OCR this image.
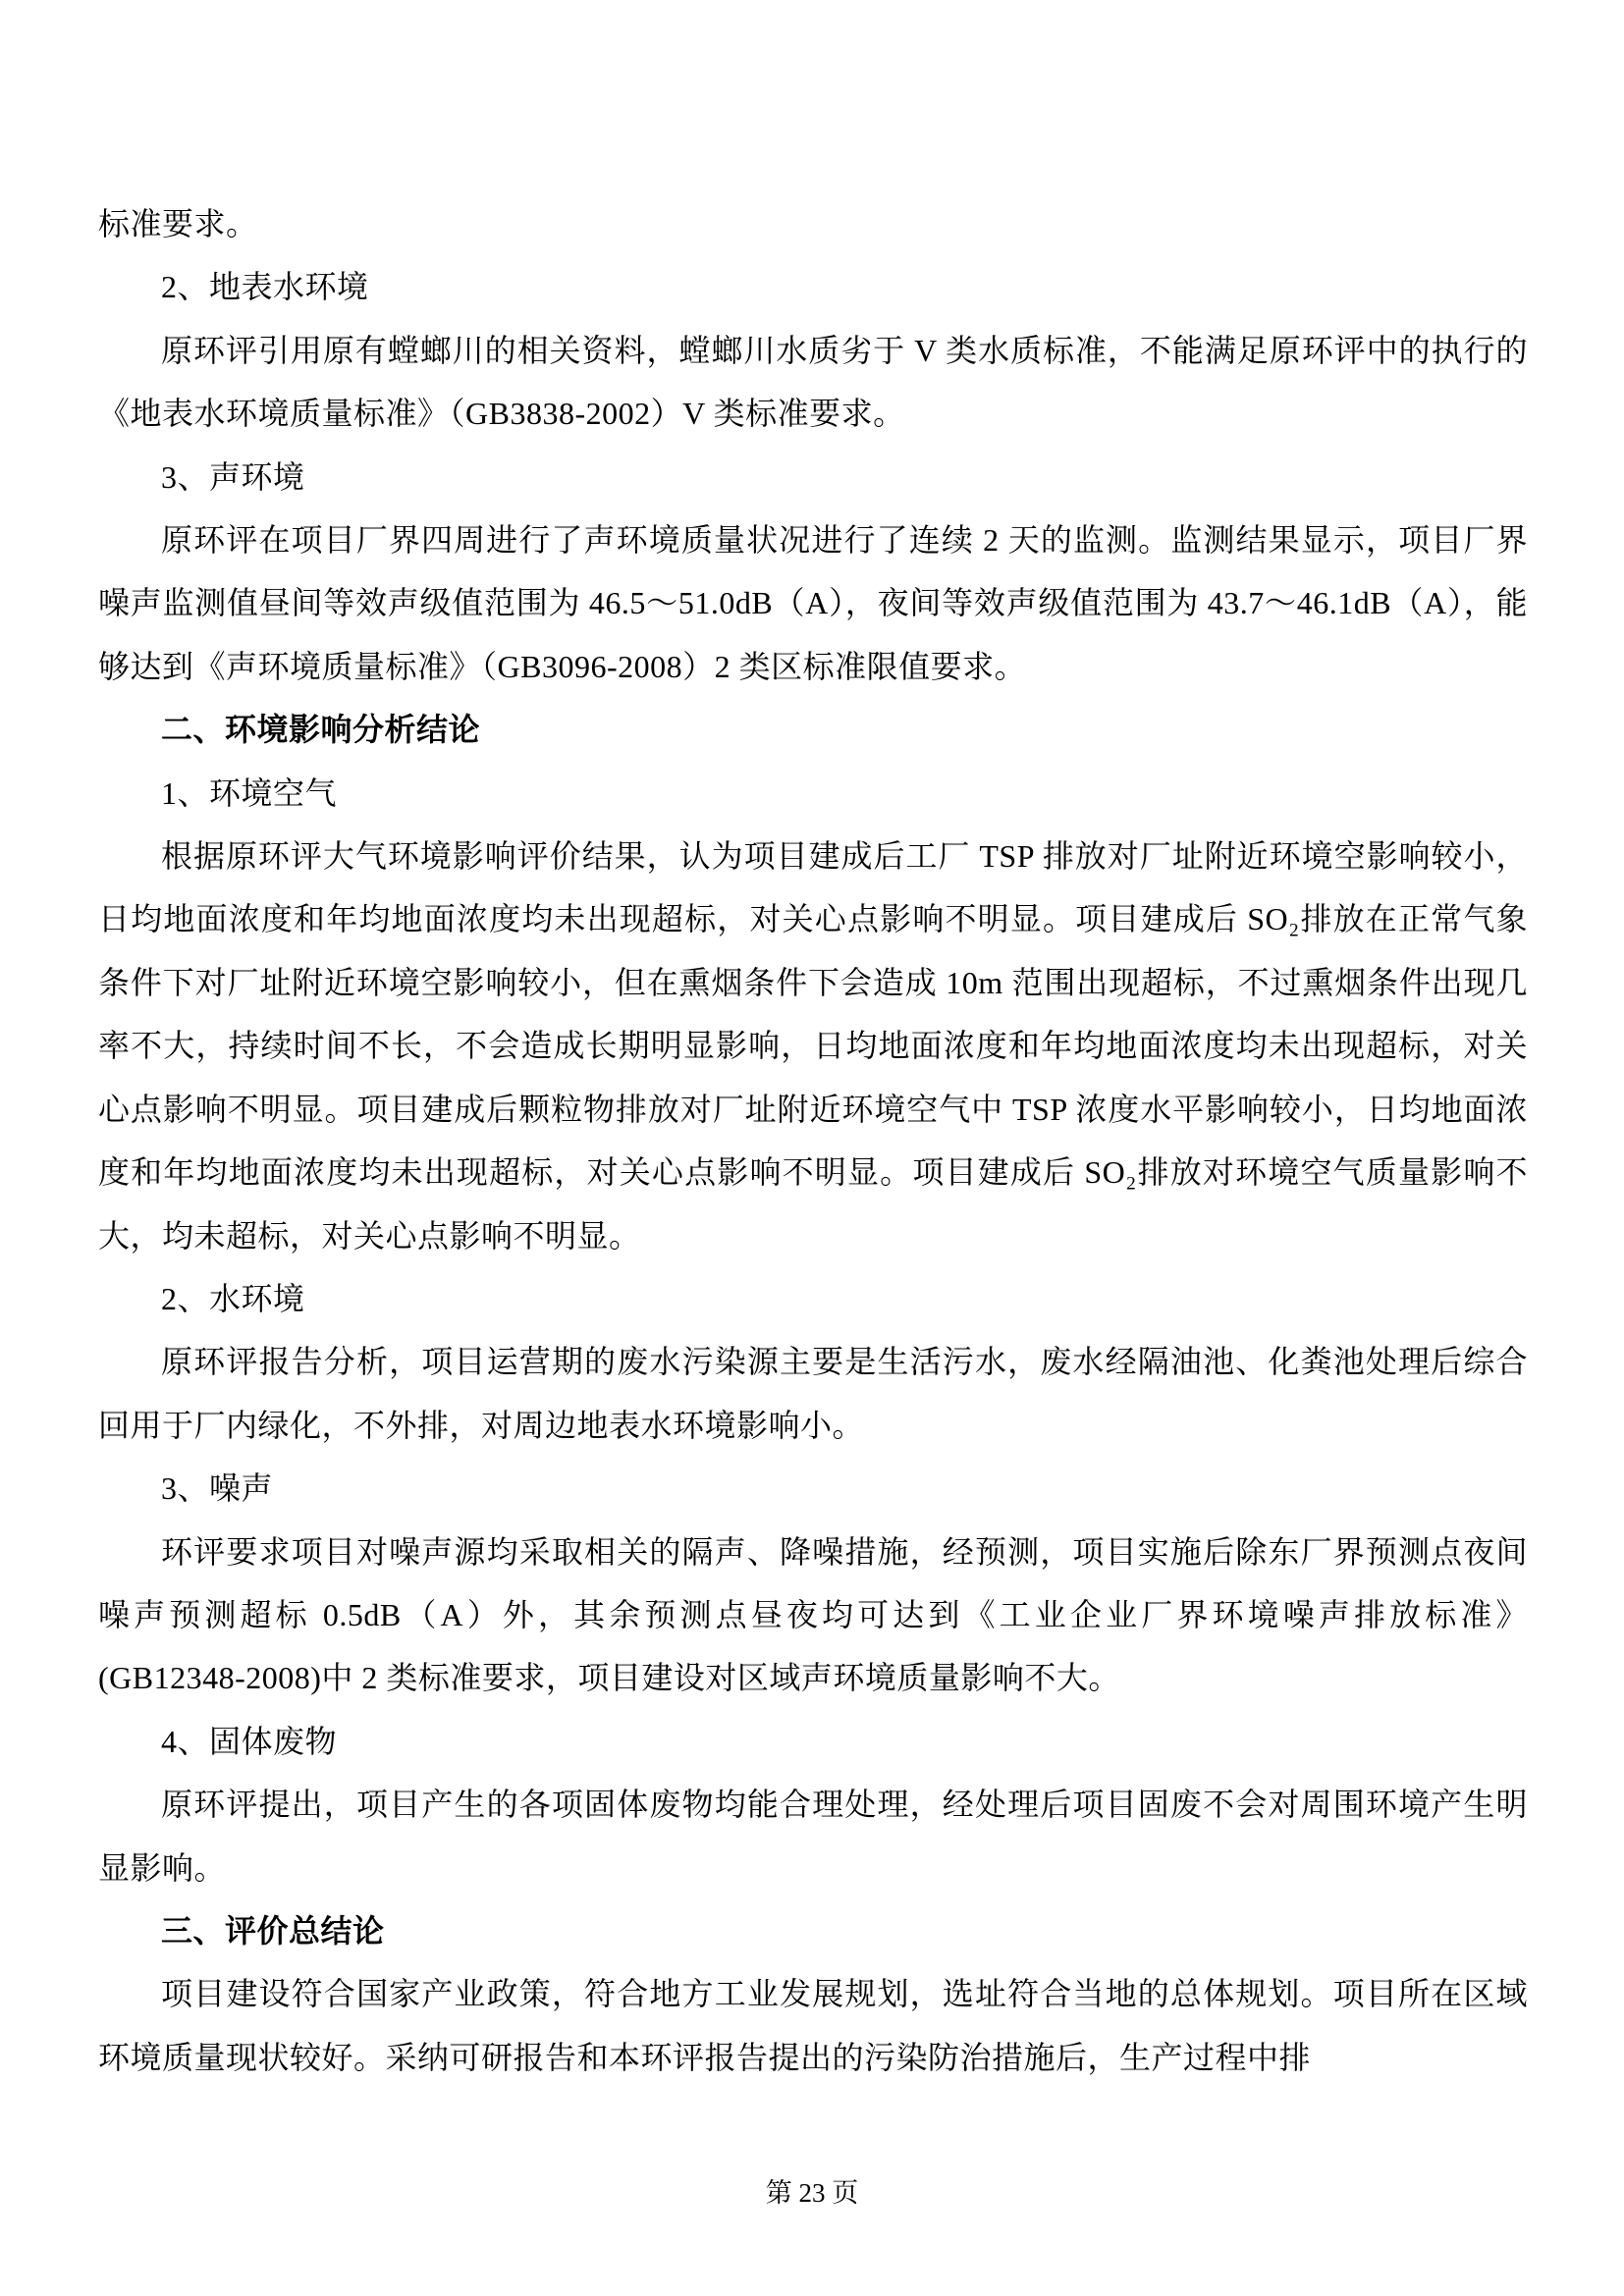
标准要求。

2、地表水环境

原环评引用原有螳螂川的相关资料，螳螂川水质劣于 V 类水质标准，不能满足原环评中的执行的《地表水环境质量标准》（GB3838-2002）V 类标准要求。

3、声环境

原环评在项目厂界四周进行了声环境质量状况进行了连续 2 天的监测。监测结果显示，项目厂界噪声监测值昼间等效声级值范围为 46.5～51.0dB（A），夜间等效声级值范围为 43.7～46.1dB（A），能够达到《声环境质量标准》（GB3096-2008）2 类区标准限值要求。

二、环境影响分析结论

1、环境空气

根据原环评大气环境影响评价结果，认为项目建成后工厂 TSP 排放对厂址附近环境空影响较小，日均地面浓度和年均地面浓度均未出现超标，对关心点影响不明显。项目建成后 SO₂排放在正常气象条件下对厂址附近环境空影响较小，但在熏烟条件下会造成 10m 范围出现超标，不过熏烟条件出现几率不大，持续时间不长，不会造成长期明显影响，日均地面浓度和年均地面浓度均未出现超标，对关心点影响不明显。项目建成后颗粒物排放对厂址附近环境空气中 TSP 浓度水平影响较小，日均地面浓度和年均地面浓度均未出现超标，对关心点影响不明显。项目建成后 SO₂排放对环境空气质量影响不大，均未超标，对关心点影响不明显。

2、水环境

原环评报告分析，项目运营期的废水污染源主要是生活污水，废水经隔油池、化粪池处理后综合回用于厂内绿化，不外排，对周边地表水环境影响小。

3、噪声

环评要求项目对噪声源均采取相关的隔声、降噪措施，经预测，项目实施后除东厂界预测点夜间噪声预测超标 0.5dB（A）外，其余预测点昼夜均可达到《工业企业厂界环境噪声排放标准》(GB12348-2008)中 2 类标准要求，项目建设对区域声环境质量影响不大。

4、固体废物

原环评提出，项目产生的各项固体废物均能合理处理，经处理后项目固废不会对周围环境产生明显影响。

三、评价总结论

项目建设符合国家产业政策，符合地方工业发展规划，选址符合当地的总体规划。项目所在区域环境质量现状较好。采纳可研报告和本环评报告提出的污染防治措施后，生产过程中排

第 23 页
